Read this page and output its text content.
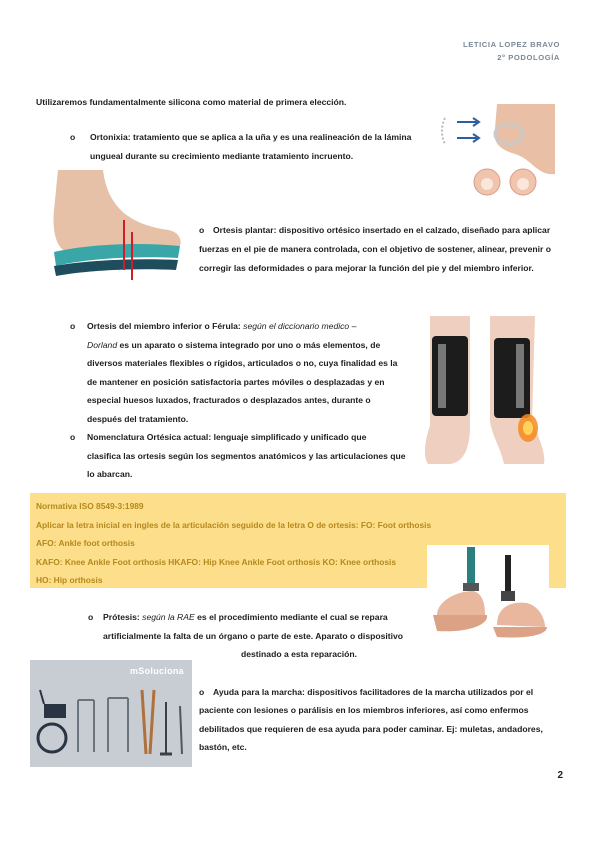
LETICIA LOPEZ BRAVO
2º PODOLOGÍA
Utilizaremos fundamentalmente silicona como material de primera elección.
o Ortonixia: tratamiento que se aplica a la uña y es una realineación de la lámina
ungueal durante su crecimiento mediante tratamiento incruento.
o Ortesis plantar: dispositivo ortésico insertado en el calzado, diseñado para aplicar
fuerzas en el pie de manera controlada, con el objetivo de sostener, alinear, prevenir o
corregir las deformidades o para mejorar la función del pie y del miembro inferior.
o Ortesis del miembro inferior o Férula: según el diccionario medico –
Dorland es un aparato o sistema integrado por uno o más elementos, de
diversos materiales flexibles o rígidos, articulados o no, cuya finalidad es la
de mantener en posición satisfactoria partes móviles o desplazadas y en
especial huesos luxados, fracturados o desplazados antes, durante o
después del tratamiento.
o Nomenclatura Ortésica actual: lenguaje simplificado y unificado que
clasifica las ortesis según los segmentos anatómicos y las articulaciones que
lo abarcan.
Normativa ISO 8549-3:1989
Aplicar la letra inicial en ingles de la articulación seguido de la letra O de ortesis: FO: Foot orthosis
AFO: Ankle foot orthosis
KAFO: Knee Ankle Foot orthosis HKAFO: Hip Knee Ankle Foot orthosis KO: Knee orthosis
HO: Hip orthosis
o Prótesis: según la RAE es el procedimiento mediante el cual se repara
artificialmente la falta de un órgano o parte de este. Aparato o dispositivo
destinado a esta reparación.
mSoluciona
o Ayuda para la marcha: dispositivos facilitadores de la marcha utilizados por el
paciente con lesiones o parálisis en los miembros inferiores, así como enfermos
debilitados que requieren de esa ayuda para poder caminar. Ej: muletas, andadores,
bastón, etc.
2
